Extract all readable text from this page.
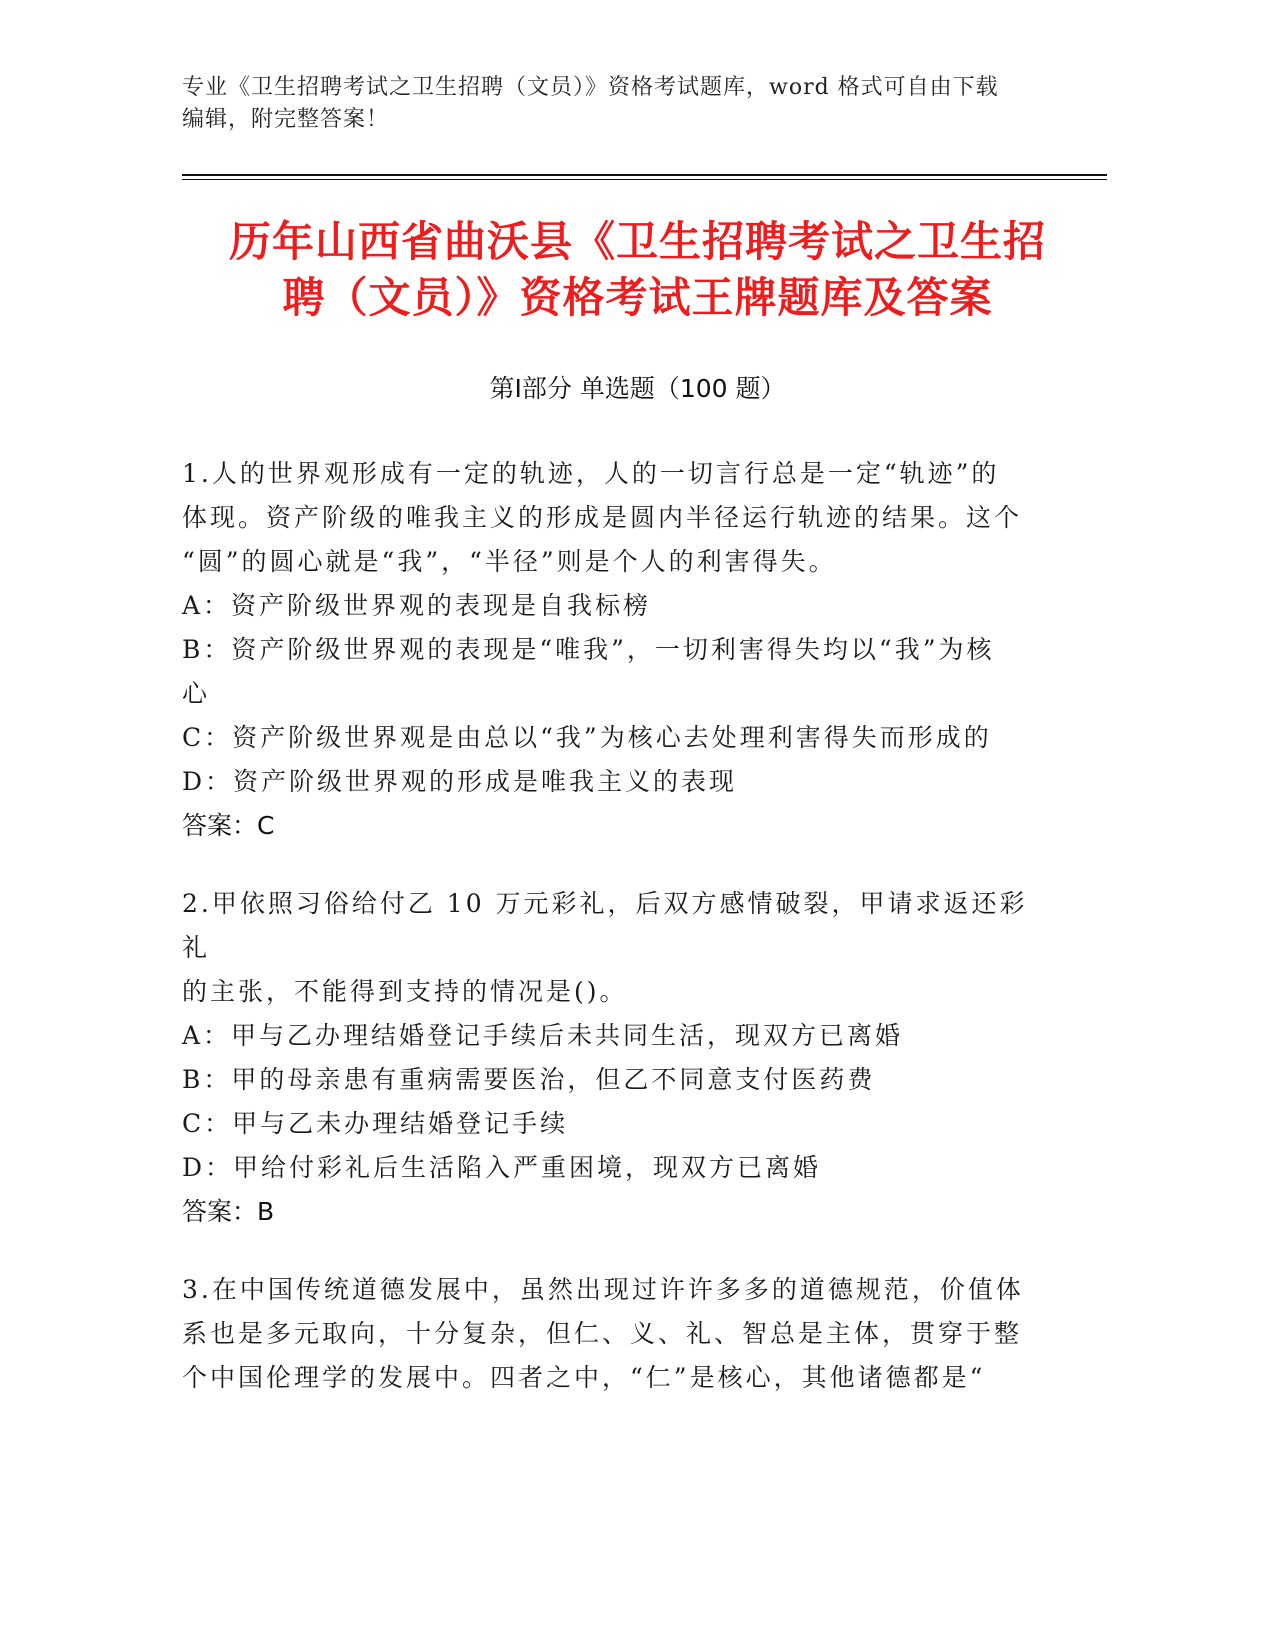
专业《卫生招聘考试之卫生招聘（文员）》资格考试题库，word 格式可自由下载
编辑，附完整答案！
历年山西省曲沃县《卫生招聘考试之卫生招
聘（文员）》资格考试王牌题库及答案
第Ⅰ部分 单选题（100 题）

1.人的世界观形成有一定的轨迹，人的一切言行总是一定“轨迹”的

体现。资产阶级的唯我主义的形成是圆内半径运行轨迹的结果。这个

“圆”的圆心就是“我”，“半径”则是个人的利害得失。

A：资产阶级世界观的表现是自我标榜

B：资产阶级世界观的表现是“唯我”，一切利害得失均以“我”为核

心

C：资产阶级世界观是由总以“我”为核心去处理利害得失而形成的

D：资产阶级世界观的形成是唯我主义的表现

答案：C

2.甲依照习俗给付乙 10 万元彩礼，后双方感情破裂，甲请求返还彩礼

的主张，不能得到支持的情况是()。

A：甲与乙办理结婚登记手续后未共同生活，现双方已离婚

B：甲的母亲患有重病需要医治，但乙不同意支付医药费

C：甲与乙未办理结婚登记手续

D：甲给付彩礼后生活陷入严重困境，现双方已离婚

答案：B

3.在中国传统道德发展中，虽然出现过许许多多的道德规范，价值体

系也是多元取向，十分复杂，但仁、义、礼、智总是主体，贯穿于整

个中国伦理学的发展中。四者之中，“仁”是核心，其他诸德都是“
